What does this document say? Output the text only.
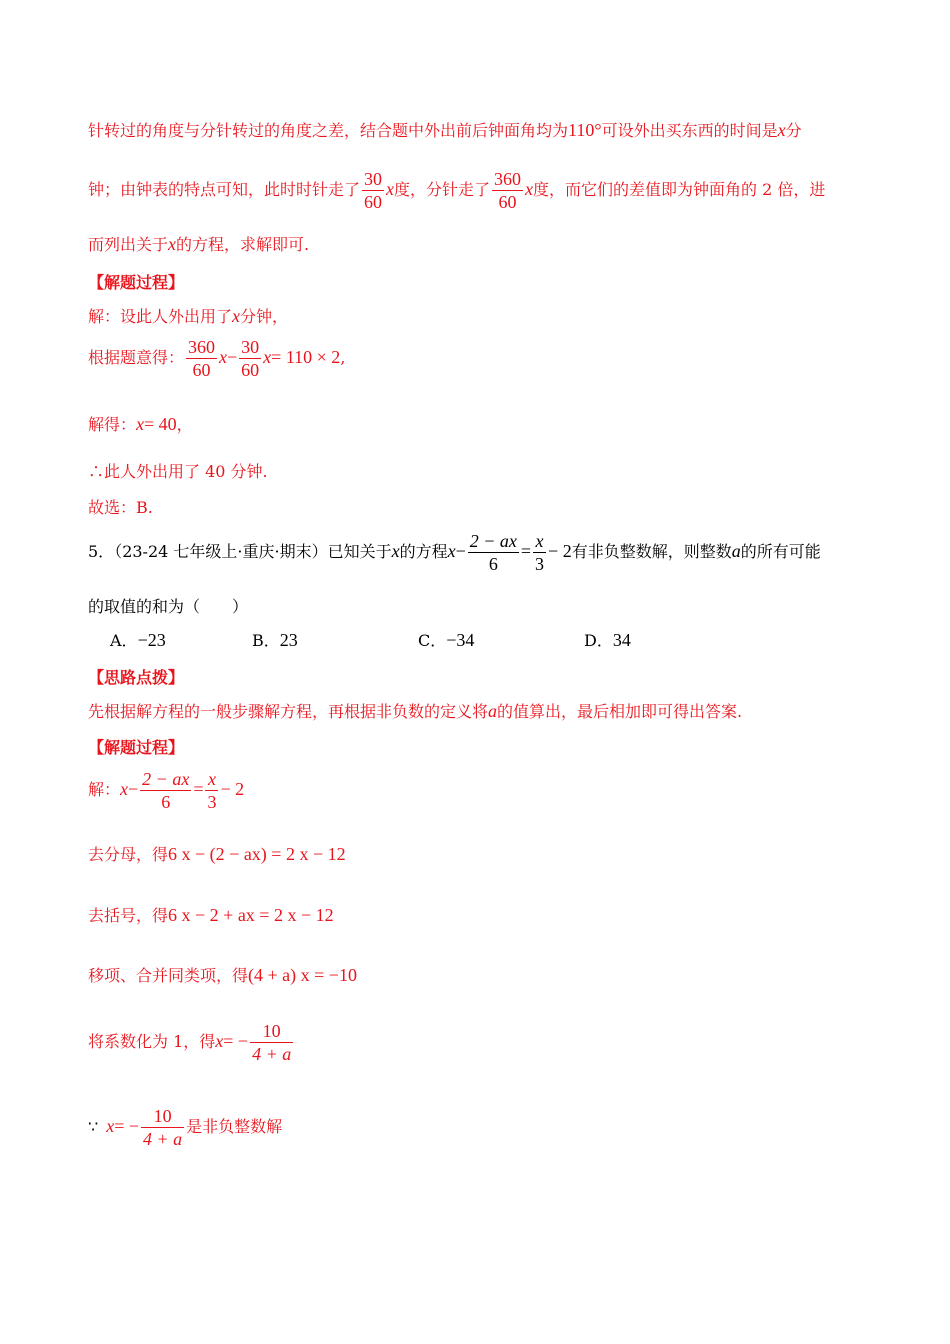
针转过的角度与分针转过的角度之差，结合题中外出前后钟面角均为110°可设外出买东西的时间是x分
钟；由钟表的特点可知，此时时针走了 $\frac{30}{60}$ x度，分针走了 $\frac{360}{60}$ x度，而它们的差值即为钟面角的 2 倍，进
而列出关于x的方程，求解即可.
【解题过程】
解：设此人外出用了x分钟，
根据题意得： $\frac{360}{60} x- \frac{30}{60} x= 110 \times 2$,
解得：x= 40，
∴此人外出用了 40 分钟.
故选：B.
5．（23-24 七年级上·重庆·期末）已知关于x的方程$x- \frac{2 - ax}{6} = \frac{x}{3} - 2$有非负整数解，则整数a的所有可能
的取值的和为（　　）
A．−23	B．23	C．−34	D．34
【思路点拨】
先根据解方程的一般步骤解方程，再根据非负数的定义将a的值算出，最后相加即可得出答案.
【解题过程】
解：$x- \frac{2 - ax}{6} = \frac{x}{3} - 2$
去分母，得6 x − (2 − ax) = 2 x − 12
去括号，得6 x − 2 + ax = 2 x − 12
移项、合并同类项，得(4 + a) x = −10
将系数化为 1，得$x= - \frac{10}{4 + a}$
∵ $x= - \frac{10}{4 + a}$ 是非负整数解
